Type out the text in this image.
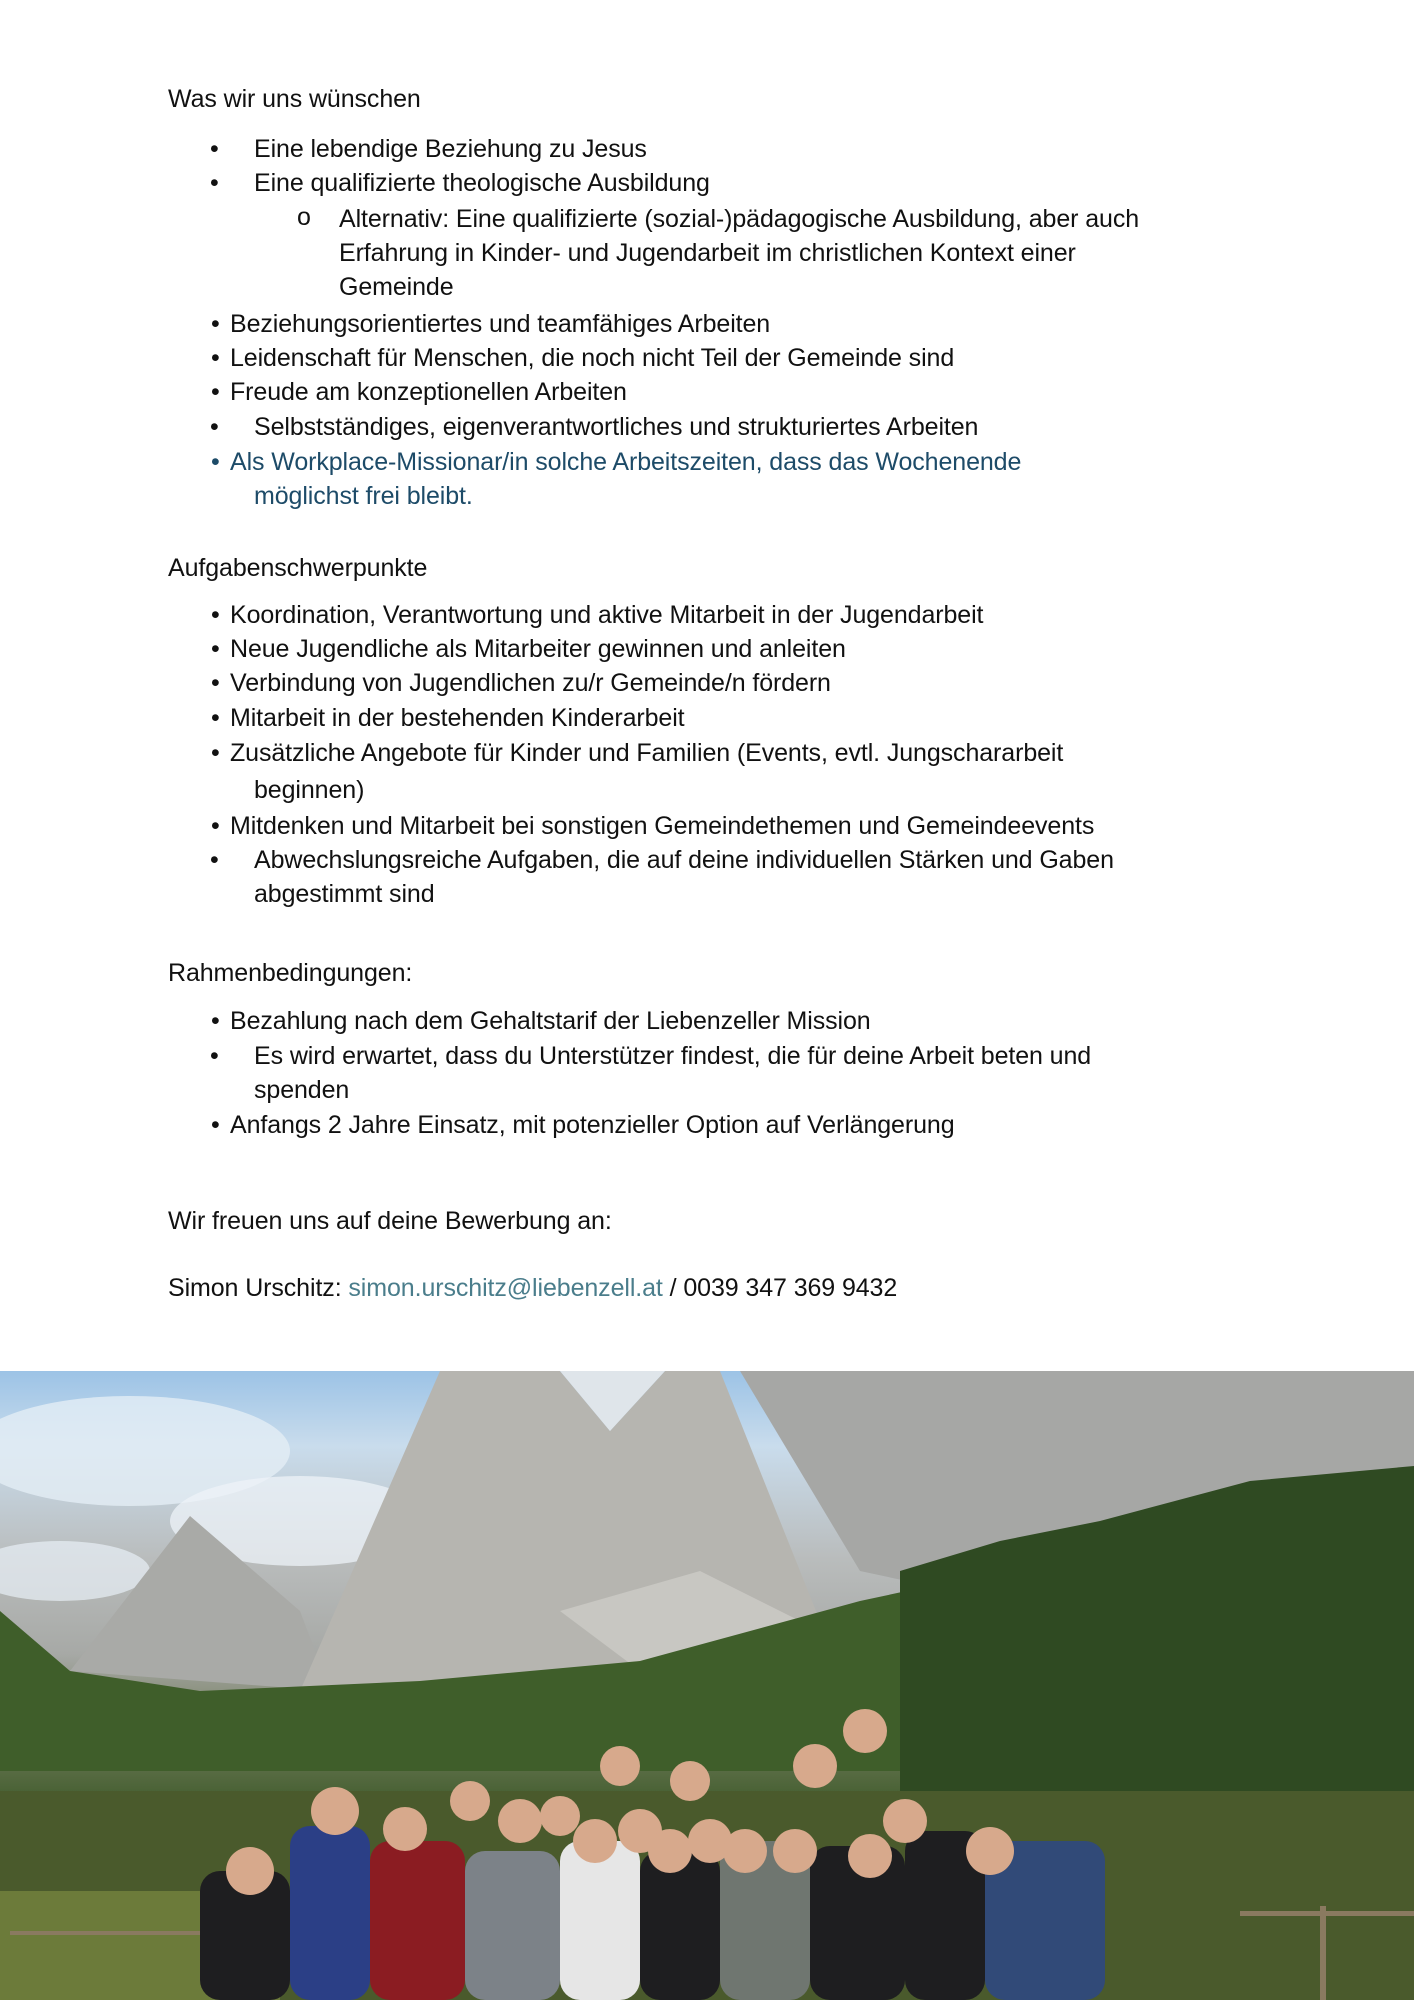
Was wir uns wünschen
• Eine lebendige Beziehung zu Jesus
• Eine qualifizierte theologische Ausbildung
o Alternativ: Eine qualifizierte (sozial-)pädagogische Ausbildung, aber auch
Erfahrung in Kinder- und Jugendarbeit im christlichen Kontext einer
Gemeinde
• Beziehungsorientiertes und teamfähiges Arbeiten
• Leidenschaft für Menschen, die noch nicht Teil der Gemeinde sind
• Freude am konzeptionellen Arbeiten
• Selbstständiges, eigenverantwortliches und strukturiertes Arbeiten
• Als Workplace-Missionar/in solche Arbeitszeiten, dass das Wochenende
möglichst frei bleibt.
Aufgabenschwerpunkte
• Koordination, Verantwortung und aktive Mitarbeit in der Jugendarbeit
• Neue Jugendliche als Mitarbeiter gewinnen und anleiten
• Verbindung von Jugendlichen zu/r Gemeinde/n fördern
• Mitarbeit in der bestehenden Kinderarbeit
• Zusätzliche Angebote für Kinder und Familien (Events, evtl. Jungschararbeit
beginnen)
• Mitdenken und Mitarbeit bei sonstigen Gemeindethemen und Gemeindeevents
• Abwechslungsreiche Aufgaben, die auf deine individuellen Stärken und Gaben
abgestimmt sind
Rahmenbedingungen:
• Bezahlung nach dem Gehaltstarif der Liebenzeller Mission
• Es wird erwartet, dass du Unterstützer findest, die für deine Arbeit beten und
spenden
• Anfangs 2 Jahre Einsatz, mit potenzieller Option auf Verlängerung
Wir freuen uns auf deine Bewerbung an:
Simon Urschitz: simon.urschitz@liebenzell.at / 0039 347 369 9432
